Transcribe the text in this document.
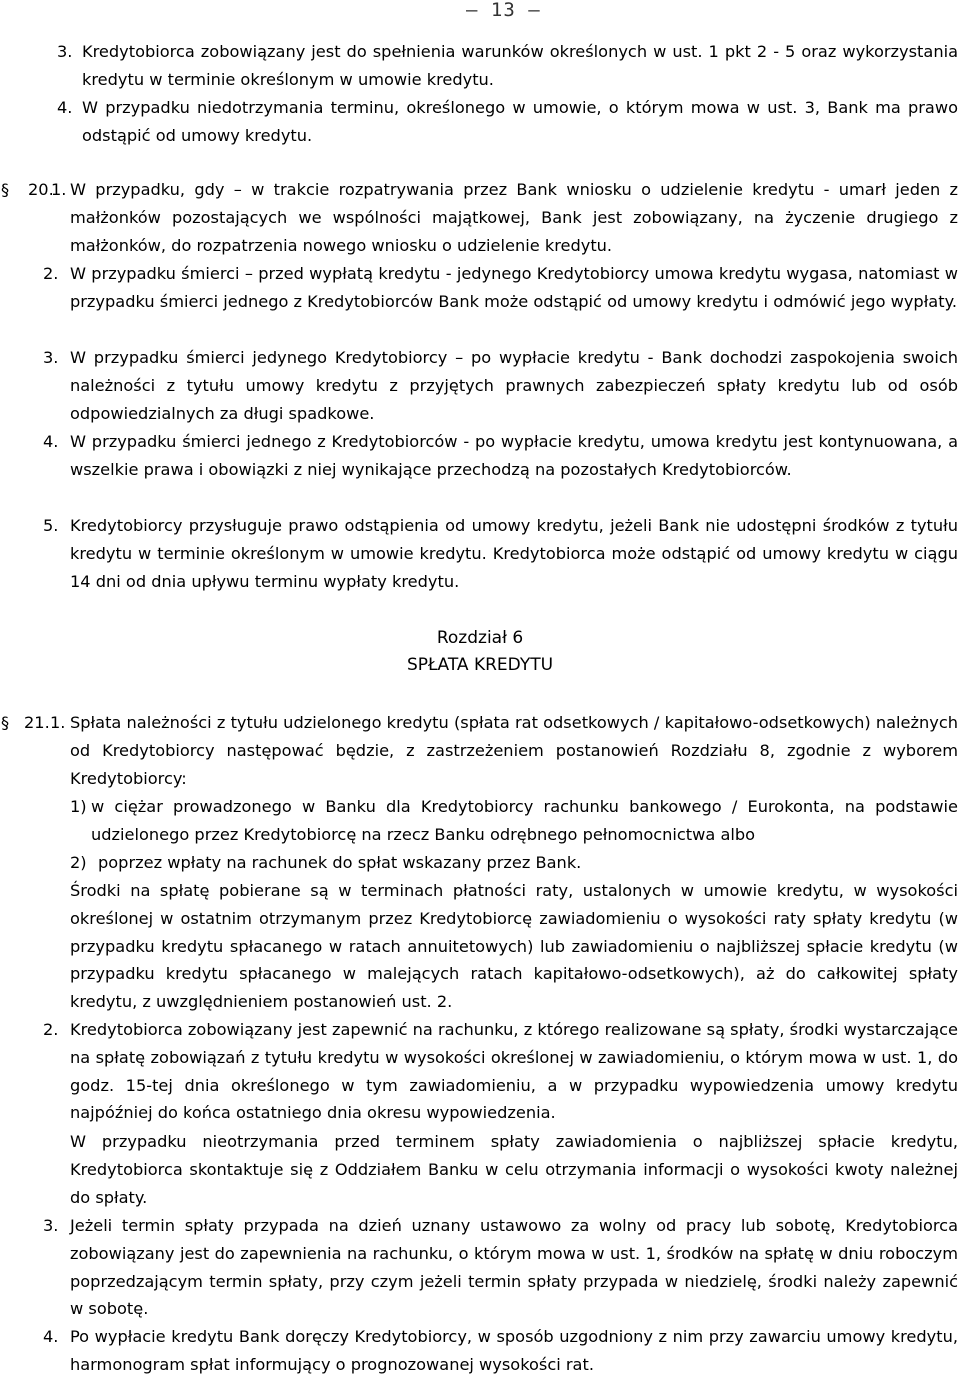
– 13 –
3. Kredytobiorca zobowiązany jest do spełnienia warunków określonych w ust. 1 pkt 2 - 5 oraz wykorzystania kredytu w terminie określonym w umowie kredytu.
4. W przypadku niedotrzymania terminu, określonego w umowie, o którym mowa w ust. 3, Bank ma prawo odstąpić od umowy kredytu.
§ 20.
1. W przypadku, gdy – w trakcie rozpatrywania przez Bank wniosku o udzielenie kredytu - umarł jeden z małżonków pozostających we wspólności majątkowej, Bank jest zobowiązany, na życzenie drugiego z małżonków, do rozpatrzenia nowego wniosku o udzielenie kredytu.
2. W przypadku śmierci – przed wypłatą kredytu - jedynego Kredytobiorcy umowa kredytu wygasa, natomiast w przypadku śmierci jednego z Kredytobiorców Bank może odstąpić od umowy kredytu i odmówić jego wypłaty.
3. W przypadku śmierci jedynego Kredytobiorcy – po wypłacie kredytu - Bank dochodzi zaspokojenia swoich należności z tytułu umowy kredytu z przyjętych prawnych zabezpieczeń spłaty kredytu lub od osób odpowiedzialnych za długi spadkowe.
4. W przypadku śmierci jednego z Kredytobiorców - po wypłacie kredytu, umowa kredytu jest kontynuowana, a wszelkie prawa i obowiązki z niej wynikające przechodzą na pozostałych Kredytobiorców.
5. Kredytobiorcy przysługuje prawo odstąpienia od umowy kredytu, jeżeli Bank nie udostępni środków z tytułu kredytu w terminie określonym w umowie kredytu. Kredytobiorca może odstąpić od umowy kredytu w ciągu 14 dni od dnia upływu terminu wypłaty kredytu.
Rozdział 6
SPŁATA KREDYTU
§ 21. 1. Spłata należności z tytułu udzielonego kredytu (spłata rat odsetkowych / kapitałowo-odsetkowych) należnych od Kredytobiorcy następować będzie, z zastrzeżeniem postanowień Rozdziału 8, zgodnie z wyborem Kredytobiorcy:
1) w ciężar prowadzonego w Banku dla Kredytobiorcy rachunku bankowego / Eurokonta, na podstawie udzielonego przez Kredytobiorcę na rzecz Banku odrębnego pełnomocnictwa albo
2) poprzez wpłaty na rachunek do spłat wskazany przez Bank.
Środki na spłatę pobierane są w terminach płatności raty, ustalonych w umowie kredytu, w wysokości określonej w ostatnim otrzymanym przez Kredytobiorcę zawiadomieniu o wysokości raty spłaty kredytu (w przypadku kredytu spłacanego w ratach annuitetowych) lub zawiadomieniu o najbliższej spłacie kredytu (w przypadku kredytu spłacanego w malejących ratach kapitałowo-odsetkowych), aż do całkowitej spłaty kredytu, z uwzględnieniem postanowień ust. 2.
2. Kredytobiorca zobowiązany jest zapewnić na rachunku, z którego realizowane są spłaty, środki wystarczające na spłatę zobowiązań z tytułu kredytu w wysokości określonej w zawiadomieniu, o którym mowa w ust. 1, do godz. 15-tej dnia określonego w tym zawiadomieniu, a w przypadku wypowiedzenia umowy kredytu najpóźniej do końca ostatniego dnia okresu wypowiedzenia.
W przypadku nieotrzymania przed terminem spłaty zawiadomienia o najbliższej spłacie kredytu, Kredytobiorca skontaktuje się z Oddziałem Banku w celu otrzymania informacji o wysokości kwoty należnej do spłaty.
3. Jeżeli termin spłaty przypada na dzień uznany ustawowo za wolny od pracy lub sobotę, Kredytobiorca zobowiązany jest do zapewnienia na rachunku, o którym mowa w ust. 1, środków na spłatę w dniu roboczym poprzedzającym termin spłaty, przy czym jeżeli termin spłaty przypada w niedzielę, środki należy zapewnić w sobotę.
4. Po wypłacie kredytu Bank doręczy Kredytobiorcy, w sposób uzgodniony z nim przy zawarciu umowy kredytu, harmonogram spłat informujący o prognozowanej wysokości rat.
